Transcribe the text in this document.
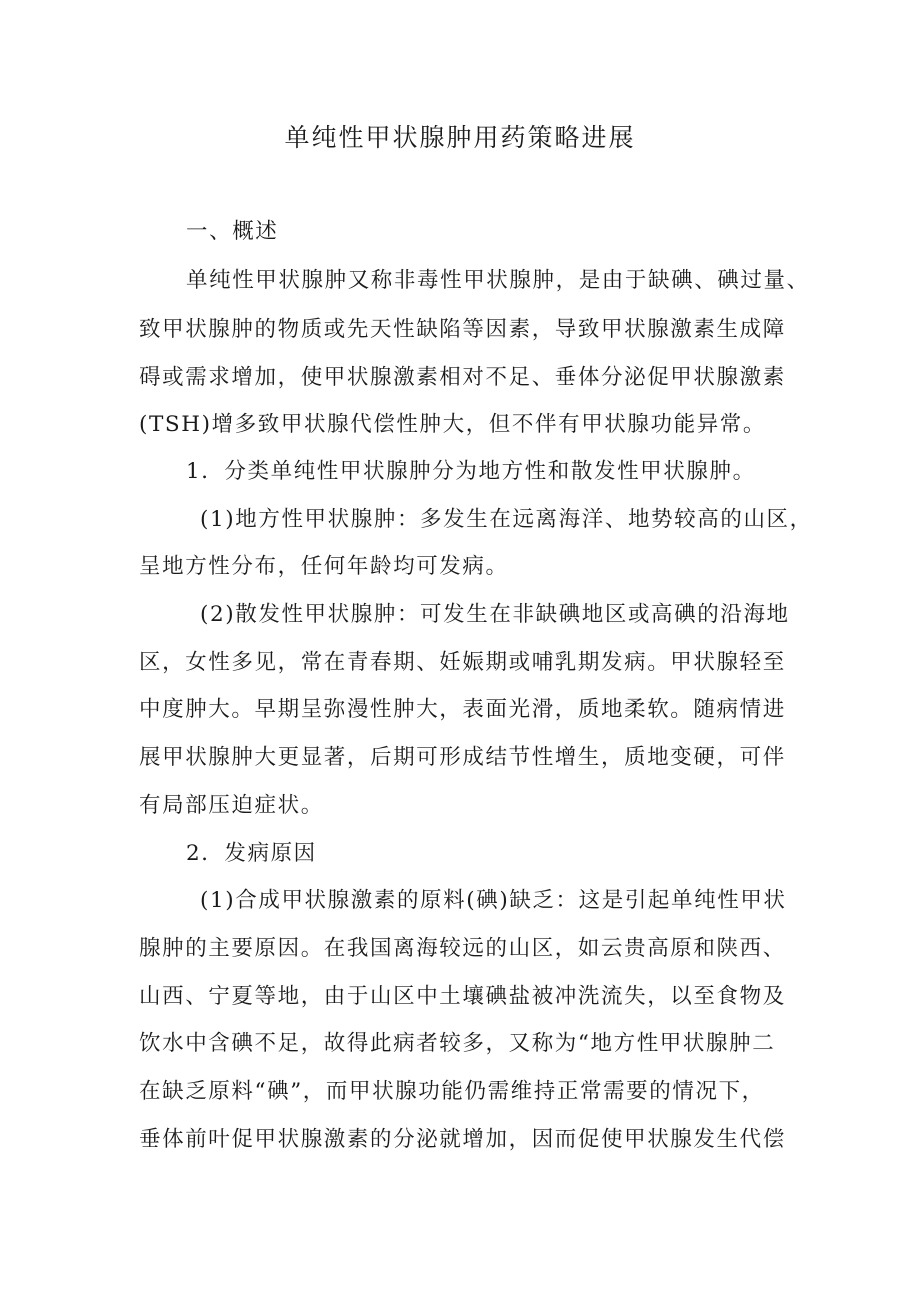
单纯性甲状腺肿用药策略进展
一、概述
单纯性甲状腺肿又称非毒性甲状腺肿，是由于缺碘、碘过量、
致甲状腺肿的物质或先天性缺陷等因素，导致甲状腺激素生成障
碍或需求增加，使甲状腺激素相对不足、垂体分泌促甲状腺激素
(TSH)增多致甲状腺代偿性肿大，但不伴有甲状腺功能异常。
1．分类单纯性甲状腺肿分为地方性和散发性甲状腺肿。
(1)地方性甲状腺肿：多发生在远离海洋、地势较高的山区，
呈地方性分布，任何年龄均可发病。
(2)散发性甲状腺肿：可发生在非缺碘地区或高碘的沿海地
区，女性多见，常在青春期、妊娠期或哺乳期发病。甲状腺轻至
中度肿大。早期呈弥漫性肿大，表面光滑，质地柔软。随病情进
展甲状腺肿大更显著，后期可形成结节性增生，质地变硬，可伴
有局部压迫症状。
2．发病原因
(1)合成甲状腺激素的原料(碘)缺乏：这是引起单纯性甲状
腺肿的主要原因。在我国离海较远的山区，如云贵高原和陕西、
山西、宁夏等地，由于山区中土壤碘盐被冲洗流失，以至食物及
饮水中含碘不足，故得此病者较多，又称为“地方性甲状腺肿二
在缺乏原料“碘”，而甲状腺功能仍需维持正常需要的情况下，
垂体前叶促甲状腺激素的分泌就增加，因而促使甲状腺发生代偿
